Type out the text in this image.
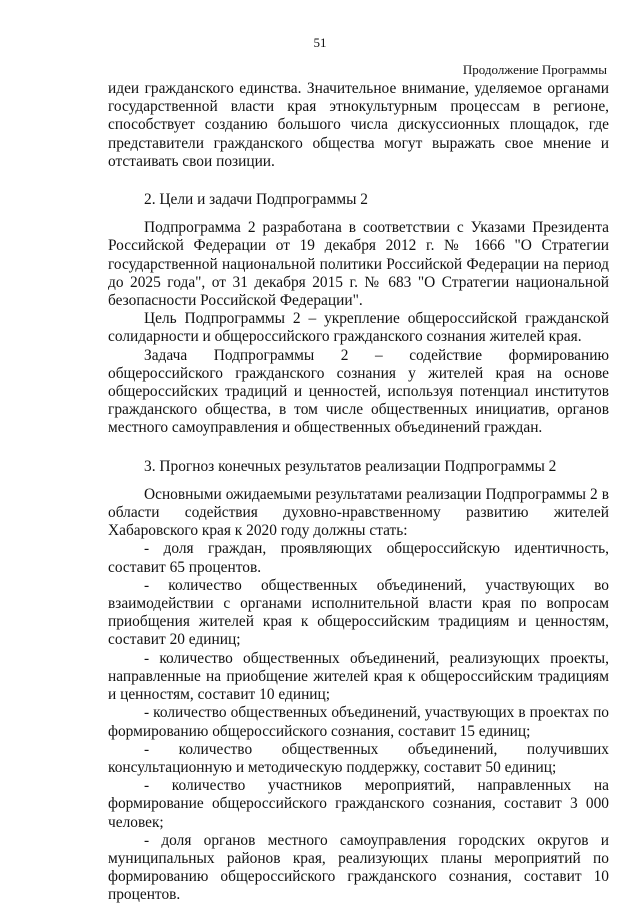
51
Продолжение Программы

идеи гражданского единства. Значительное внимание, уделяемое органами государственной власти края этнокультурным процессам в регионе, способствует созданию большого числа дискуссионных площадок, где представители гражданского общества могут выражать свое мнение и отстаивать свои позиции.

2. Цели и задачи Подпрограммы 2

Подпрограмма 2 разработана в соответствии с Указами Президента Российской Федерации от 19 декабря 2012 г. № 1666 "О Стратегии государственной национальной политики Российской Федерации на период до 2025 года", от 31 декабря 2015 г. № 683 "О Стратегии национальной безопасности Российской Федерации".

Цель Подпрограммы 2 – укрепление общероссийской гражданской солидарности и общероссийского гражданского сознания жителей края.

Задача Подпрограммы 2 – содействие формированию общероссийского гражданского сознания у жителей края на основе общероссийских традиций и ценностей, используя потенциал институтов гражданского общества, в том числе общественных инициатив, органов местного самоуправления и общественных объединений граждан.

3. Прогноз конечных результатов реализации Подпрограммы 2

Основными ожидаемыми результатами реализации Подпрограммы 2 в области содействия духовно-нравственному развитию жителей Хабаровского края к 2020 году должны стать:

- доля граждан, проявляющих общероссийскую идентичность, составит 65 процентов.

- количество общественных объединений, участвующих во взаимодействии с органами исполнительной власти края по вопросам приобщения жителей края к общероссийским традициям и ценностям, составит 20 единиц;

- количество общественных объединений, реализующих проекты, направленные на приобщение жителей края к общероссийским традициям и ценностям, составит 10 единиц;

- количество общественных объединений, участвующих в проектах по формированию общероссийского сознания, составит 15 единиц;

- количество общественных объединений, получивших консультационную и методическую поддержку, составит 50 единиц;

- количество участников мероприятий, направленных на формирование общероссийского гражданского сознания, составит 3 000 человек;

- доля органов местного самоуправления городских округов и муниципальных районов края, реализующих планы мероприятий по формированию общероссийского гражданского сознания, составит 10 процентов.
